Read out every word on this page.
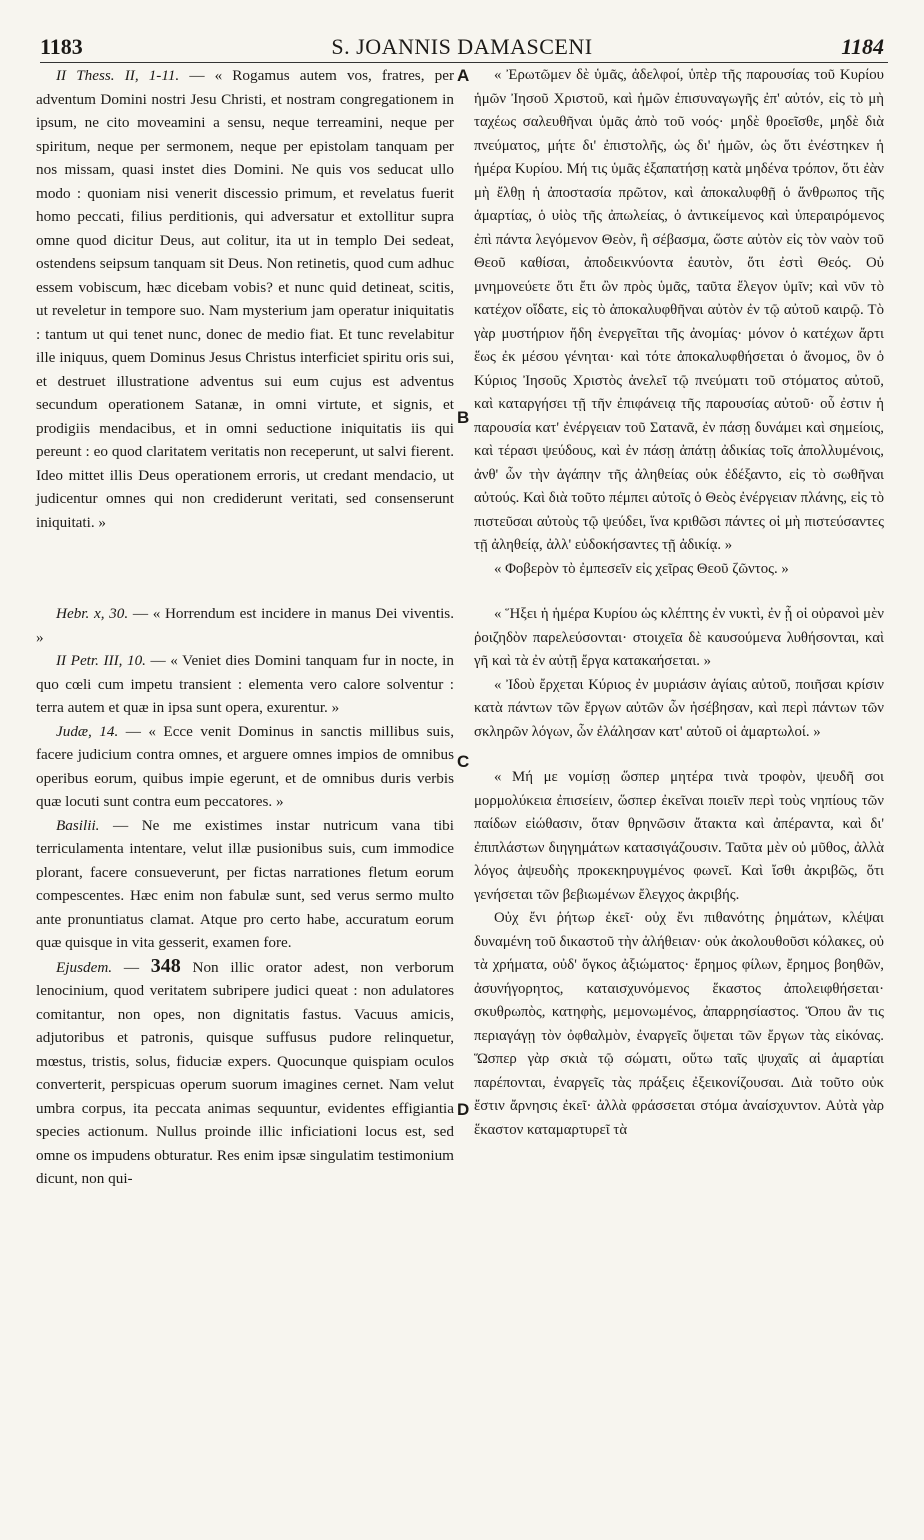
1183	S. JOANNIS DAMASCENI	1184
A
B
C
D
II Thess. II, 1-11. — « Rogamus autem vos, fratres, per adventum Domini nostri Jesu Christi, et nostram congregationem in ipsum, ne cito moveamini a sensu, neque terreamini, neque per spiritum, neque per sermonem, neque per epistolam tanquam per nos missam, quasi instet dies Domini. Ne quis vos seducat ullo modo : quoniam nisi venerit discessio primum, et revelatus fuerit homo peccati, filius perditionis, qui adversatur et extollitur supra omne quod dicitur Deus, aut colitur, ita ut in templo Dei sedeat, ostendens seipsum tanquam sit Deus. Non retinetis, quod cum adhuc essem vobiscum, hæc dicebam vobis? et nunc quid detineat, scitis, ut reveletur in tempore suo. Nam mysterium jam operatur iniquitatis : tantum ut qui tenet nunc, donec de medio fiat. Et tunc revelabitur ille iniquus, quem Dominus Jesus Christus interficiet spiritu oris sui, et destruet illustratione adventus sui eum cujus est adventus secundum operationem Satanæ, in omni virtute, et signis, et prodigiis mendacibus, et in omni seductione iniquitatis iis qui pereunt : eo quod claritatem veritatis non receperunt, ut salvi fierent. Ideo mittet illis Deus operationem erroris, ut credant mendacio, ut judicentur omnes qui non crediderunt veritati, sed consenserunt iniquitati. »
Hebr. x, 30. — « Horrendum est incidere in manus Dei viventis. »
II Petr. III, 10. — « Veniet dies Domini tanquam fur in nocte, in quo cœli cum impetu transient : elementa vero calore solventur : terra autem et quæ in ipsa sunt opera, exurentur. »
Judæ, 14. — « Ecce venit Dominus in sanctis millibus suis, facere judicium contra omnes, et arguere omnes impios de omnibus operibus eorum, quibus impie egerunt, et de omnibus duris verbis quæ locuti sunt contra eum peccatores. »
Basilii. — Ne me existimes instar nutricum vana tibi terriculamenta intentare, velut illæ pusionibus suis, cum immodice plorant, facere consueverunt, per fictas narrationes fletum eorum compescentes. Hæc enim non fabulæ sunt, sed verus sermo multo ante pronuntiatus clamat. Atque pro certo habe, accuratum eorum quæ quisque in vita gesserit, examen fore.
Ejusdem. — 348 Non illic orator adest, non verborum lenocinium, quod veritatem subripere judici queat : non adulatores comitantur, non opes, non dignitatis fastus. Vacuus amicis, adjutoribus et patronis, quisque suffusus pudore relinquetur, mœstus, tristis, solus, fiduciæ expers. Quocunque quispiam oculos converterit, perspicuas operum suorum imagines cernet. Nam velut umbra corpus, ita peccata animas sequuntur, evidentes effigiantia species actionum. Nullus proinde illic inficiationi locus est, sed omne os impudens obturatur. Res enim ipsæ singulatim testimonium dicunt, non qui-
« Ἐρωτῶμεν δὲ ὑμᾶς, ἀδελφοί, ὑπὲρ τῆς παρουσίας τοῦ Κυρίου ἡμῶν Ἰησοῦ Χριστοῦ, καὶ ἡμῶν ἐπισυναγωγῆς ἐπ' αὐτόν, εἰς τὸ μὴ ταχέως σαλευθῆναι ὑμᾶς ἀπὸ τοῦ νοός· μηδὲ θροεῖσθε, μηδὲ διὰ πνεύματος, μήτε δι' ἐπιστολῆς, ὡς δι' ἡμῶν, ὡς ὅτι ἐνέστηκεν ἡ ἡμέρα Κυρίου. Μή τις ὑμᾶς ἐξαπατήσῃ κατὰ μηδένα τρόπον, ὅτι ἐὰν μὴ ἔλθῃ ἡ ἀποστασία πρῶτον, καὶ ἀποκαλυφθῇ ὁ ἄνθρωπος τῆς ἁμαρτίας, ὁ υἱὸς τῆς ἀπωλείας, ὁ ἀντικείμενος καὶ ὑπεραιρόμενος ἐπὶ πάντα λεγόμενον Θεὸν, ἢ σέβασμα, ὥστε αὐτὸν εἰς τὸν ναὸν τοῦ Θεοῦ καθίσαι, ἀποδεικνύοντα ἑαυτὸν, ὅτι ἐστὶ Θεός. Οὐ μνημονεύετε ὅτι ἔτι ὢν πρὸς ὑμᾶς, ταῦτα ἔλεγον ὑμῖν; καὶ νῦν τὸ κατέχον οἴδατε, εἰς τὸ ἀποκαλυφθῆναι αὐτὸν ἐν τῷ αὐτοῦ καιρῷ. Τὸ γὰρ μυστήριον ἤδη ἐνεργεῖται τῆς ἀνομίας· μόνον ὁ κατέχων ἄρτι ἕως ἐκ μέσου γένηται· καὶ τότε ἀποκαλυφθήσεται ὁ ἄνομος, ὃν ὁ Κύριος Ἰησοῦς Χριστὸς ἀνελεῖ τῷ πνεύματι τοῦ στόματος αὐτοῦ, καὶ καταργήσει τῇ τῆν ἐπιφάνειᾳ τῆς παρουσίας αὐτοῦ· οὗ ἐστιν ἡ παρουσία κατ' ἐνέργειαν τοῦ Σατανᾶ, ἐν πάσῃ δυνάμει καὶ σημείοις, καὶ τέρασι ψεύδους, καὶ ἐν πάσῃ ἀπάτῃ ἀδικίας τοῖς ἀπολλυμένοις, ἀνθ' ὧν τὴν ἀγάπην τῆς ἀληθείας οὐκ ἐδέξαντο, εἰς τὸ σωθῆναι αὐτούς. Καὶ διὰ τοῦτο πέμπει αὐτοῖς ὁ Θεὸς ἐνέργειαν πλάνης, εἰς τὸ πιστεῦσαι αὐτοὺς τῷ ψεύδει, ἵνα κριθῶσι πάντες οἱ μὴ πιστεύσαντες τῇ ἀληθείᾳ, ἀλλ' εὐδοκήσαντες τῇ ἀδικίᾳ. »
« Φοβερὸν τὸ ἐμπεσεῖν εἰς χεῖρας Θεοῦ ζῶντος. »
« Ἥξει ἡ ἡμέρα Κυρίου ὡς κλέπτης ἐν νυκτὶ, ἐν ᾗ οἱ οὐρανοὶ μὲν ῥοιζηδὸν παρελεύσονται· στοιχεῖα δὲ καυσούμενα λυθήσονται, καὶ γῆ καὶ τὰ ἐν αὐτῇ ἔργα κατακαήσεται. »
« Ἰδοὺ ἔρχεται Κύριος ἐν μυριάσιν ἁγίαις αὐτοῦ, ποιῆσαι κρίσιν κατὰ πάντων τῶν ἔργων αὐτῶν ὧν ἠσέβησαν, καὶ περὶ πάντων τῶν σκληρῶν λόγων, ὧν ἐλάλησαν κατ' αὐτοῦ οἱ ἁμαρτωλοί. »
« Μή με νομίσῃ ὥσπερ μητέρα τινὰ τροφὸν, ψευδῆ σοι μορμολύκεια ἐπισείειν, ὥσπερ ἐκεῖναι ποιεῖν περὶ τοὺς νηπίους τῶν παίδων εἰώθασιν, ὅταν θρηνῶσιν ἄτακτα καὶ ἀπέραντα, καὶ δι' ἐπιπλάστων διηγημάτων κατασιγάζουσιν. Ταῦτα μὲν οὐ μῦθος, ἀλλὰ λόγος ἀψευδὴς προκεκηρυγμένος φωνεῖ. Καὶ ἴσθι ἀκριβῶς, ὅτι γενήσεται τῶν βεβιωμένων ἔλεγχος ἀκριβής.
Οὐχ ἔνι ῥήτωρ ἐκεῖ· οὐχ ἔνι πιθανότης ῥημάτων, κλέψαι δυναμένη τοῦ δικαστοῦ τὴν ἀλήθειαν· οὐκ ἀκολουθοῦσι κόλακες, οὐ τὰ χρήματα, οὐδ' ὄγκος ἀξιώματος· ἔρημος φίλων, ἔρημος βοηθῶν, ἀσυνήγορητος, καταισχυνόμενος ἕκαστος ἀπολειφθήσεται· σκυθρωπὸς, κατηφὴς, μεμονωμένος, ἀπαρρησίαστος. Ὅπου ἂν τις περιαγάγῃ τὸν ὀφθαλμὸν, ἐναργεῖς ὄψεται τῶν ἔργων τὰς εἰκόνας. Ὥσπερ γὰρ σκιὰ τῷ σώματι, οὕτω ταῖς ψυχαῖς αἱ ἁμαρτίαι παρέπονται, ἐναργεῖς τὰς πράξεις ἐξεικονίζουσαι. Διὰ τοῦτο οὐκ ἔστιν ἄρνησις ἐκεῖ· ἀλλὰ φράσσεται στόμα ἀναίσχυντον. Αὐτὰ γὰρ ἕκαστον καταμαρτυρεῖ τὰ
